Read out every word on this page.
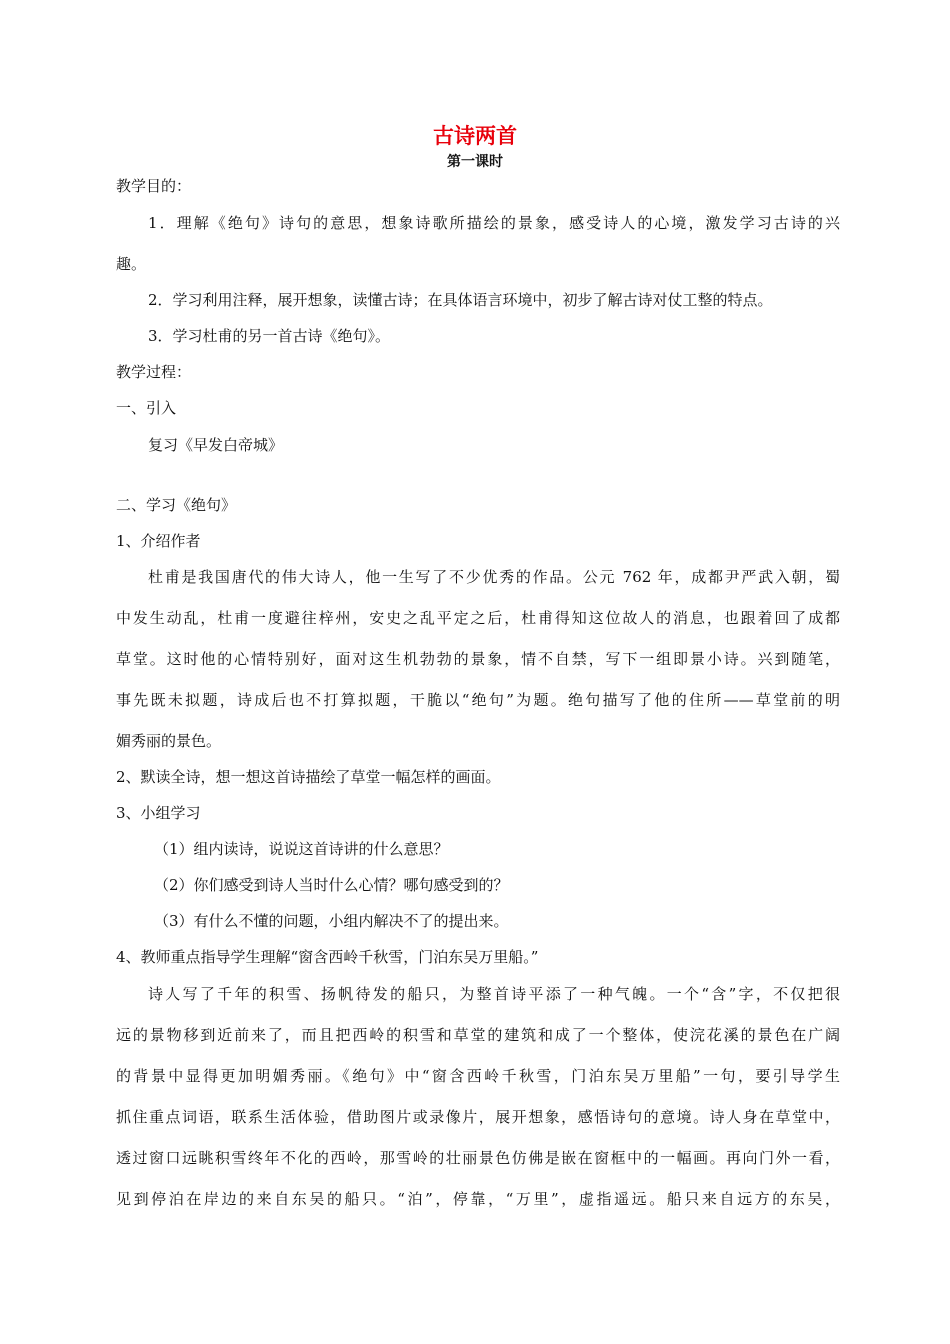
古诗两首
第一课时
教学目的：
1．理解《绝句》诗句的意思，想象诗歌所描绘的景象，感受诗人的心境，激发学习古诗的兴
趣。
2．学习利用注释，展开想象，读懂古诗；在具体语言环境中，初步了解古诗对仗工整的特点。
3．学习杜甫的另一首古诗《绝句》。
教学过程：
一、引入
复习《早发白帝城》
二、学习《绝句》
1、介绍作者
杜甫是我国唐代的伟大诗人，他一生写了不少优秀的作品。公元 762 年，成都尹严武入朝，蜀
中发生动乱，杜甫一度避往梓州，安史之乱平定之后，杜甫得知这位故人的消息，也跟着回了成都
草堂。这时他的心情特别好，面对这生机勃勃的景象，情不自禁，写下一组即景小诗。兴到随笔，
事先既未拟题，诗成后也不打算拟题，干脆以“绝句”为题。绝句描写了他的住所——草堂前的明
媚秀丽的景色。
2、默读全诗，想一想这首诗描绘了草堂一幅怎样的画面。
3、小组学习
（1）组内读诗，说说这首诗讲的什么意思？
（2）你们感受到诗人当时什么心情？哪句感受到的？
（3）有什么不懂的问题，小组内解决不了的提出来。
4、教师重点指导学生理解“窗含西岭千秋雪，门泊东吴万里船。”
诗人写了千年的积雪、扬帆待发的船只，为整首诗平添了一种气魄。一个“含”字，不仅把很
远的景物移到近前来了，而且把西岭的积雪和草堂的建筑和成了一个整体，使浣花溪的景色在广阔
的背景中显得更加明媚秀丽。《绝句》中“窗含西岭千秋雪，门泊东吴万里船”一句，要引导学生
抓住重点词语，联系生活体验，借助图片或录像片，展开想象，感悟诗句的意境。诗人身在草堂中，
透过窗口远眺积雪终年不化的西岭，那雪岭的壮丽景色仿佛是嵌在窗框中的一幅画。再向门外一看，
见到停泊在岸边的来自东吴的船只。“泊”，停靠，“万里”，虚指遥远。船只来自远方的东吴，
